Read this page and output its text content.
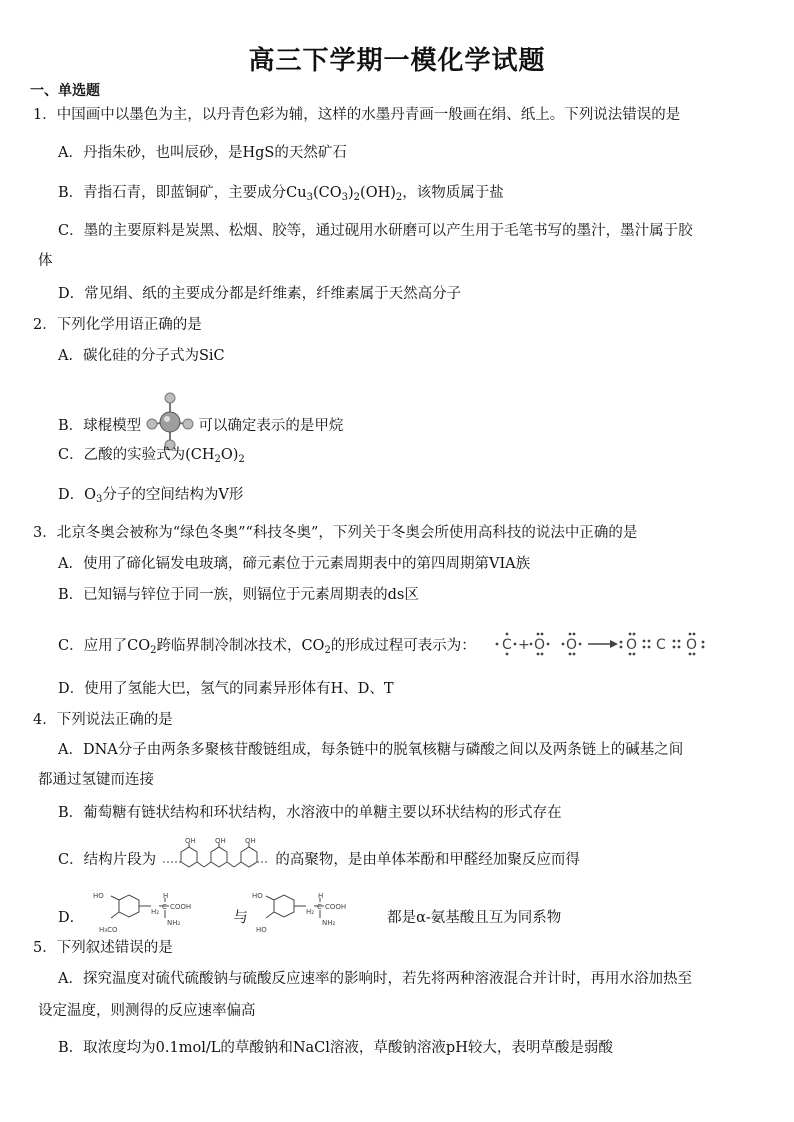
高三下学期一模化学试题
一、单选题
1．中国画中以墨色为主，以丹青色彩为辅，这样的水墨丹青画一般画在绢、纸上。下列说法错误的是
A．丹指朱砂，也叫辰砂，是HgS的天然矿石
B．青指石青，即蓝铜矿，主要成分$Cu_3(CO_3)_2(OH)_2$，该物质属于盐
C．墨的主要原料是炭黑、松烟、胶等，通过砚用水研磨可以产生用于毛笔书写的墨汁，墨汁属于胶
体
D．常见绢、纸的主要成分都是纤维素，纤维素属于天然高分子
2．下列化学用语正确的是
A．碳化硅的分子式为SiC
B．球棍模型	可以确定表示的是甲烷
C．乙酸的实验式为$(CH_2O)_2$
D．$O_3$分子的空间结构为V形
3．北京冬奥会被称为“绿色冬奥”“科技冬奥”，下列关于冬奥会所使用高科技的说法中正确的是
A．使用了碲化镉发电玻璃，碲元素位于元素周期表中的第四周期第VIA族
B．已知镉与锌位于同一族，则镉位于元素周期表的ds区
C．应用了$CO_2$跨临界制冷制冰技术，$CO_2$的形成过程可表示为： C + O O	O C O
D．使用了氢能大巴，氢气的同素异形体有H、D、T
4．下列说法正确的是
A．DNA分子由两条多聚核苷酸链组成，每条链中的脱氧核糖与磷酸之间以及两条链上的碱基之间
都通过氢键而连接
B．葡萄糖有链状结构和环状结构，水溶液中的单糖主要以环状结构的形式存在
C．结构片段为
OH	OH	OH
的高聚物，是由单体苯酚和甲醛经加聚反应而得
D．
HO
H₃CO
H₂
H
C COOH
NH₂	与
HO
HO
H₂
H
C COOH
NH₂	都是α-氨基酸且互为同系物
5．下列叙述错误的是
A．探究温度对硫代硫酸钠与硫酸反应速率的影响时，若先将两种溶液混合并计时，再用水浴加热至
设定温度，则测得的反应速率偏高
B．取浓度均为0.1mol/L的草酸钠和NaCl溶液，草酸钠溶液pH较大，表明草酸是弱酸
